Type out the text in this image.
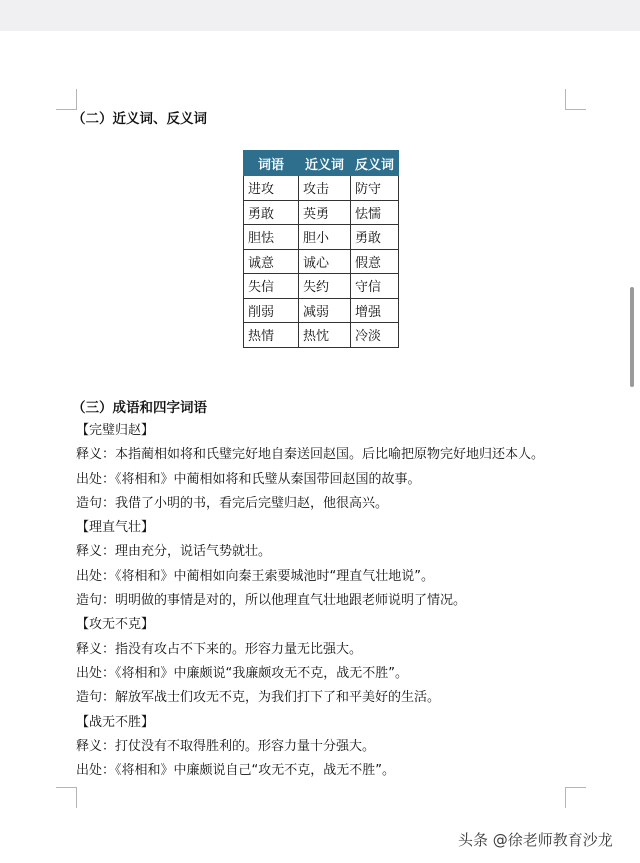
（二）近义词、反义词
词语	近义词	反义词
进攻	攻击	防守
勇敢	英勇	怯懦
胆怯	胆小	勇敢
诚意	诚心	假意
失信	失约	守信
削弱	减弱	增强
热情	热忱	冷淡
（三）成语和四字词语
【完璧归赵】
释义：本指蔺相如将和氏璧完好地自秦送回赵国。后比喻把原物完好地归还本人。
出处：《将相和》中蔺相如将和氏璧从秦国带回赵国的故事。
造句：我借了小明的书，看完后完璧归赵，他很高兴。
【理直气壮】
释义：理由充分，说话气势就壮。
出处：《将相和》中蔺相如向秦王索要城池时“理直气壮地说”。
造句：明明做的事情是对的，所以他理直气壮地跟老师说明了情况。
【攻无不克】
释义：指没有攻占不下来的。形容力量无比强大。
出处：《将相和》中廉颇说“我廉颇攻无不克，战无不胜”。
造句：解放军战士们攻无不克，为我们打下了和平美好的生活。
【战无不胜】
释义：打仗没有不取得胜利的。形容力量十分强大。
出处：《将相和》中廉颇说自己“攻无不克，战无不胜”。
头条 @徐老师教育沙龙
